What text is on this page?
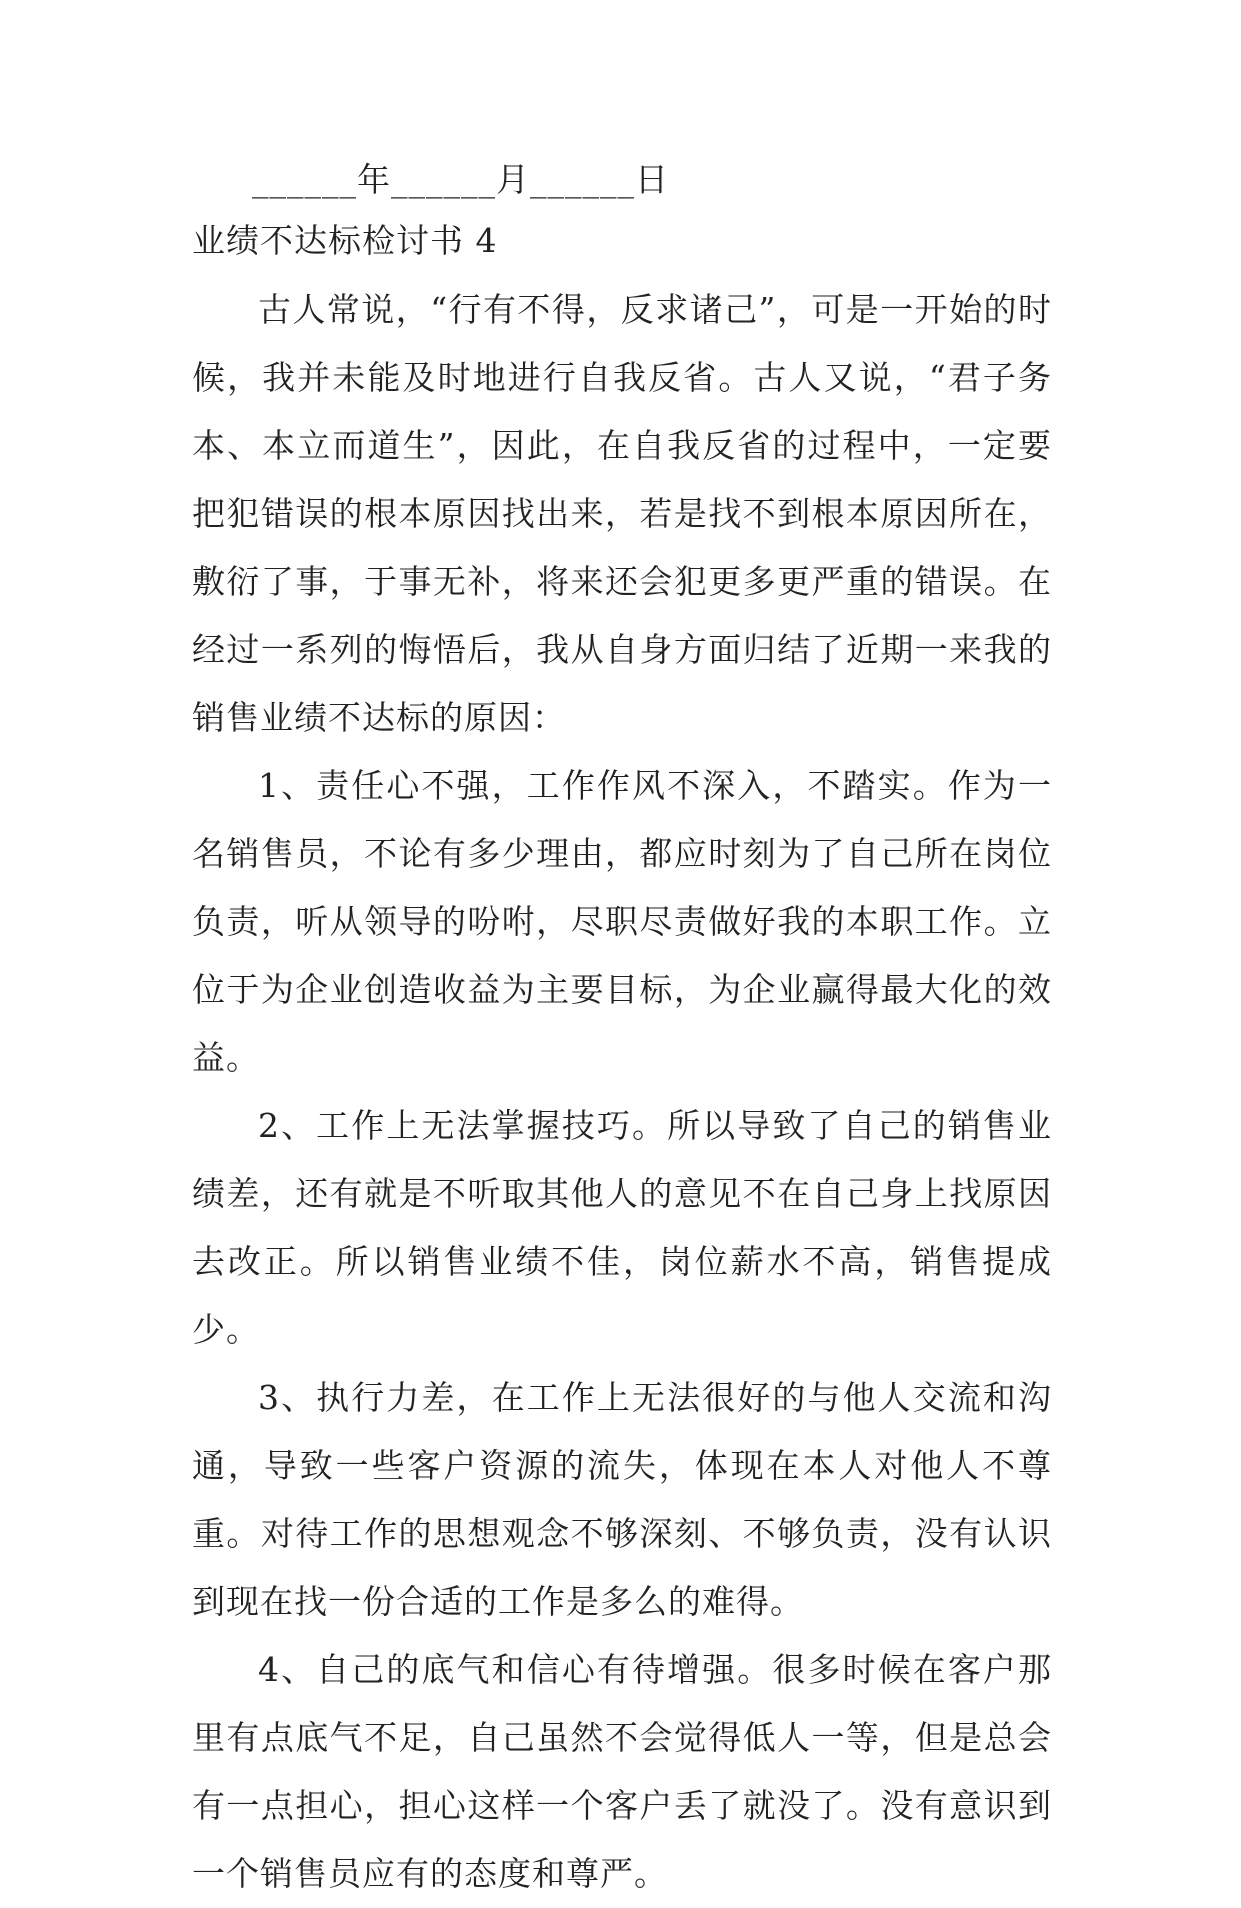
______年______月______日

业绩不达标检讨书 4

古人常说，“行有不得，反求诸己”，可是一开始的时候，我并未能及时地进行自我反省。古人又说，“君子务本、本立而道生”，因此，在自我反省的过程中，一定要把犯错误的根本原因找出来，若是找不到根本原因所在，敷衍了事，于事无补，将来还会犯更多更严重的错误。在经过一系列的悔悟后，我从自身方面归结了近期一来我的销售业绩不达标的原因：

1、责任心不强，工作作风不深入，不踏实。作为一名销售员，不论有多少理由，都应时刻为了自己所在岗位负责，听从领导的吩咐，尽职尽责做好我的本职工作。立位于为企业创造收益为主要目标，为企业赢得最大化的效益。

2、工作上无法掌握技巧。所以导致了自己的销售业绩差，还有就是不听取其他人的意见不在自己身上找原因去改正。所以销售业绩不佳，岗位薪水不高，销售提成少。

3、执行力差，在工作上无法很好的与他人交流和沟通，导致一些客户资源的流失，体现在本人对他人不尊重。对待工作的思想观念不够深刻、不够负责，没有认识到现在找一份合适的工作是多么的难得。

4、自己的底气和信心有待增强。很多时候在客户那里有点底气不足，自己虽然不会觉得低人一等，但是总会有一点担心，担心这样一个客户丢了就没了。没有意识到一个销售员应有的态度和尊严。
